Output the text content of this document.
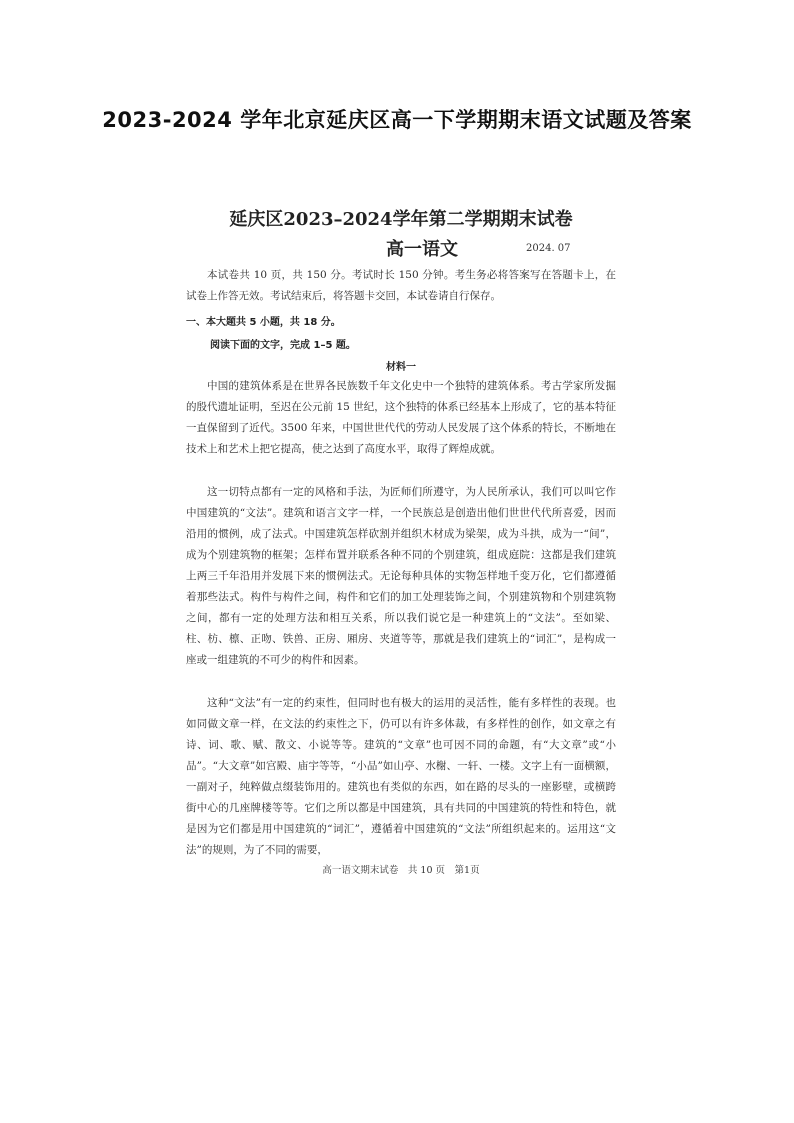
2023-2024 学年北京延庆区高一下学期期末语文试题及答案
延庆区2023–2024学年第二学期期末试卷
高一语文	2024. 07

本试卷共 10 页，共 150 分。考试时长 150 分钟。考生务必将答案写在答题卡上，在试卷上作答无效。考试结束后，将答题卡交回，本试卷请自行保存。

一、本大题共 5 小题，共 18 分。
阅读下面的文字，完成 1–5 题。
材料一

中国的建筑体系是在世界各民族数千年文化史中一个独特的建筑体系。考古学家所发掘的殷代遗址证明，至迟在公元前 15 世纪，这个独特的体系已经基本上形成了，它的基本特征一直保留到了近代。3500 年来，中国世世代代的劳动人民发展了这个体系的特长，不断地在技术上和艺术上把它提高，使之达到了高度水平，取得了辉煌成就。

这一切特点都有一定的风格和手法，为匠师们所遵守，为人民所承认，我们可以叫它作中国建筑的“文法”。建筑和语言文字一样，一个民族总是创造出他们世世代代所喜爱，因而沿用的惯例，成了法式。中国建筑怎样砍割并组织木材成为梁架，成为斗拱，成为一“间”，成为个别建筑物的框架；怎样布置并联系各种不同的个别建筑，组成庭院：这都是我们建筑上两三千年沿用并发展下来的惯例法式。无论每种具体的实物怎样地千变万化，它们都遵循着那些法式。构件与构件之间，构件和它们的加工处理装饰之间，个别建筑物和个别建筑物之间，都有一定的处理方法和相互关系，所以我们说它是一种建筑上的“文法”。至如梁、柱、枋、檩、正吻、铁兽、正房、厢房、夹道等等，那就是我们建筑上的“词汇”，是构成一座或一组建筑的不可少的构件和因素。

这种“文法”有一定的约束性，但同时也有极大的运用的灵活性，能有多样性的表现。也如同做文章一样，在文法的约束性之下，仍可以有许多体裁，有多样性的创作，如文章之有诗、词、歌、赋、散文、小说等等。建筑的“文章”也可因不同的命题，有“大文章”或“小品”。“大文章”如宫殿、庙宇等等，“小品”如山亭、水榭、一轩、一楼。文字上有一面横额，一副对子，纯粹做点缀装饰用的。建筑也有类似的东西，如在路的尽头的一座影壁，或横跨街中心的几座牌楼等等。它们之所以都是中国建筑，具有共同的中国建筑的特性和特色，就是因为它们都是用中国建筑的“词汇”，遵循着中国建筑的“文法”所组织起来的。运用这“文法”的规则，为了不同的需要，

高一语文期末试卷　共 10 页　第1页
